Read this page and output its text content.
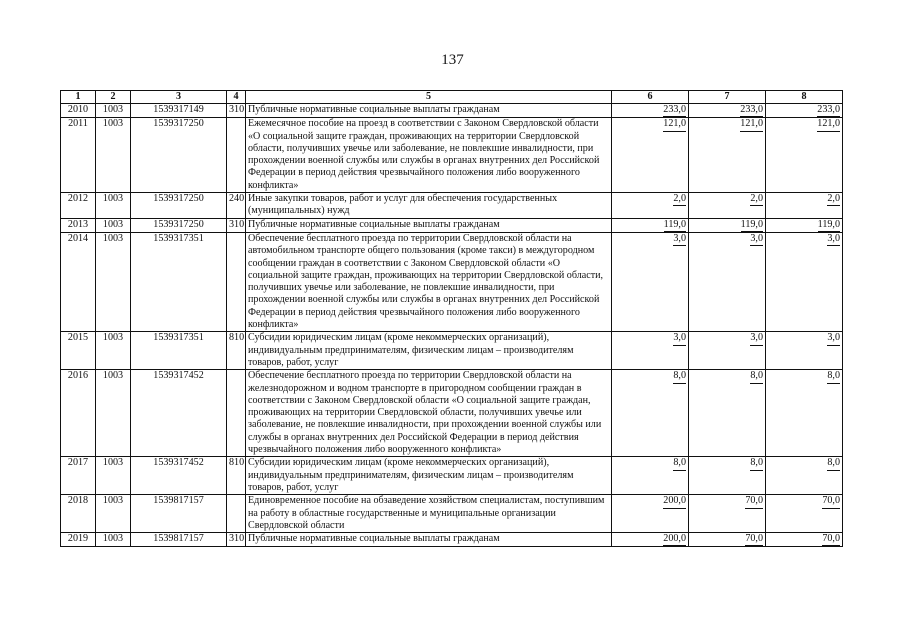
137
1	2	3	4	5	6	7	8
2010	1003	1539317149	310	Публичные нормативные социальные выплаты гражданам	233,0	233,0	233,0
2011	1003	1539317250		Ежемесячное пособие на проезд в соответствии с Законом Свердловской области «О социальной защите граждан, проживающих на территории Свердловской области, получивших увечье или заболевание, не повлекшие инвалидности, при прохождении военной службы или службы в органах внутренних дел Российской Федерации в период действия чрезвычайного положения либо вооруженного конфликта»	121,0	121,0	121,0
2012	1003	1539317250	240	Иные закупки товаров, работ и услуг для обеспечения государственных (муниципальных) нужд	2,0	2,0	2,0
2013	1003	1539317250	310	Публичные нормативные социальные выплаты гражданам	119,0	119,0	119,0
2014	1003	1539317351		Обеспечение бесплатного проезда по территории Свердловской области на автомобильном транспорте общего пользования (кроме такси) в междугородном сообщении граждан в соответствии с Законом Свердловской области «О социальной защите граждан, проживающих на территории Свердловской области, получивших увечье или заболевание, не повлекшие инвалидности, при прохождении военной службы или службы в органах внутренних дел Российской Федерации в период действия чрезвычайного положения либо вооруженного конфликта»	3,0	3,0	3,0
2015	1003	1539317351	810	Субсидии юридическим лицам (кроме некоммерческих организаций), индивидуальным предпринимателям, физическим лицам – производителям товаров, работ, услуг	3,0	3,0	3,0
2016	1003	1539317452		Обеспечение бесплатного проезда по территории Свердловской области на железнодорожном и водном транспорте в пригородном сообщении граждан в соответствии с Законом Свердловской области «О социальной защите граждан, проживающих на территории Свердловской области, получивших увечье или заболевание, не повлекшие инвалидности, при прохождении военной службы или службы в органах внутренних дел Российской Федерации в период действия чрезвычайного положения либо вооруженного конфликта»	8,0	8,0	8,0
2017	1003	1539317452	810	Субсидии юридическим лицам (кроме некоммерческих организаций), индивидуальным предпринимателям, физическим лицам – производителям товаров, работ, услуг	8,0	8,0	8,0
2018	1003	1539817157		Единовременное пособие на обзаведение хозяйством специалистам, поступившим на работу в областные государственные и муниципальные организации Свердловской области	200,0	70,0	70,0
2019	1003	1539817157	310	Публичные нормативные социальные выплаты гражданам	200,0	70,0	70,0
